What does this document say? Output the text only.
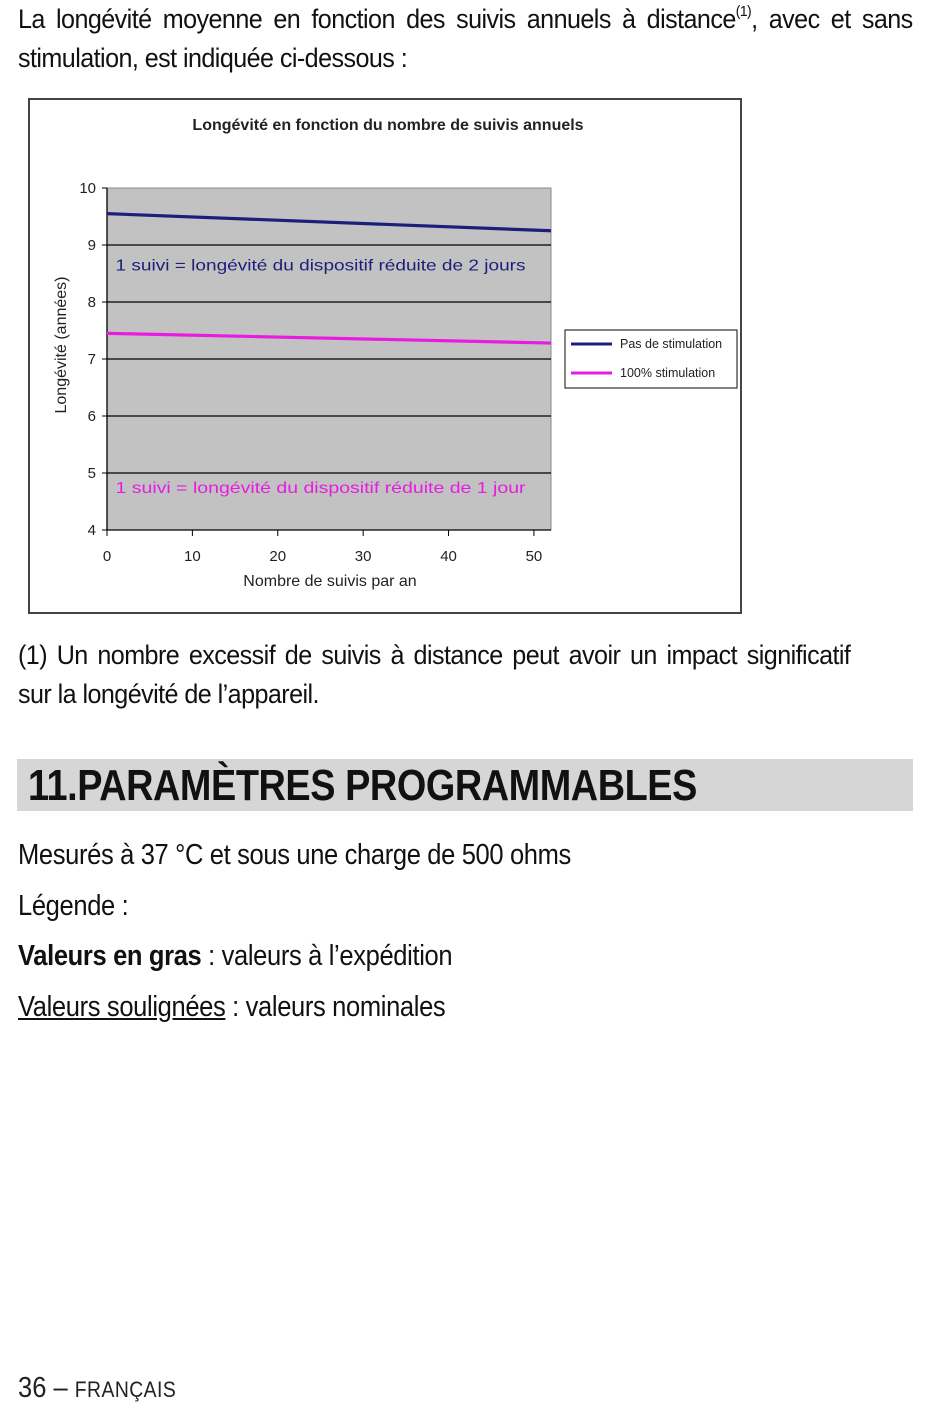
La longévité moyenne en fonction des suivis annuels à distance$^{(1)}$, avec et sans stimulation, est indiquée ci-dessous :

Longévité en fonction du nombre de suivis annuels
4
5
6
7
8
9
10
0	10	20	30	40	50
1 suivi = longévité du dispositif réduite de 2 jours
1 suivi = longévité du dispositif réduite de 1 jour
Nombre de suivis par an
Longévité (années)	Pas de stimulation
100% stimulation

(1) Un nombre excessif de suivis à distance peut avoir un impact significatif sur la longévité de l’appareil.

11.PARAMÈTRES PROGRAMMABLES
Mesurés à 37 °C et sous une charge de 500 ohms
Légende :
Valeurs en gras : valeurs à l’expédition
Valeurs soulignées : valeurs nominales
36 – FRANÇAIS
